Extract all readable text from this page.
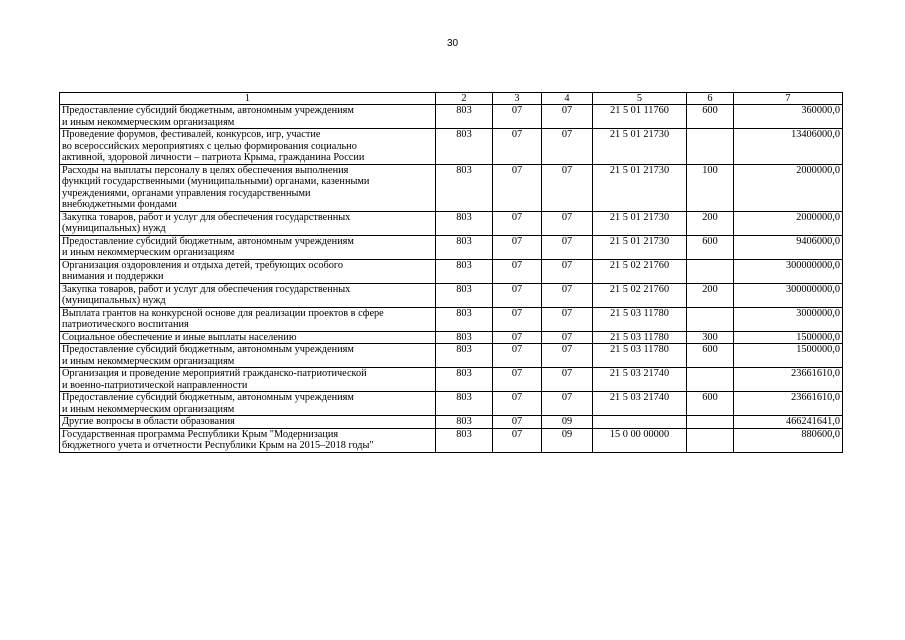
30
1	2	3	4	5	6	7
Предоставление субсидий бюджетным, автономным учреждениям
и иным некоммерческим организациям	803	07	07	21 5 01 11760	600	360000,0
Проведение форумов, фестивалей, конкурсов, игр, участие
во всероссийских мероприятиях с целью формирования социально
активной, здоровой личности – патриота Крыма, гражданина России	803	07	07	21 5 01 21730		13406000,0
Расходы на выплаты персоналу в целях обеспечения выполнения
функций государственными (муниципальными) органами, казенными
учреждениями, органами управления государственными
внебюджетными фондами	803	07	07	21 5 01 21730	100	2000000,0
Закупка товаров, работ и услуг для обеспечения государственных
(муниципальных) нужд	803	07	07	21 5 01 21730	200	2000000,0
Предоставление субсидий бюджетным, автономным учреждениям
и иным некоммерческим организациям	803	07	07	21 5 01 21730	600	9406000,0
Организация оздоровления и отдыха детей, требующих особого
внимания и поддержки	803	07	07	21 5 02 21760		300000000,0
Закупка товаров, работ и услуг для обеспечения государственных
(муниципальных) нужд	803	07	07	21 5 02 21760	200	300000000,0
Выплата грантов на конкурсной основе для реализации проектов в сфере
патриотического воспитания	803	07	07	21 5 03 11780		3000000,0
Социальное обеспечение и иные выплаты населению	803	07	07	21 5 03 11780	300	1500000,0
Предоставление субсидий бюджетным, автономным учреждениям
и иным некоммерческим организациям	803	07	07	21 5 03 11780	600	1500000,0
Организация и проведение мероприятий гражданско-патриотической
и военно-патриотической направленности	803	07	07	21 5 03 21740		23661610,0
Предоставление субсидий бюджетным, автономным учреждениям
и иным некоммерческим организациям	803	07	07	21 5 03 21740	600	23661610,0
Другие вопросы в области образования	803	07	09			466241641,0
Государственная программа Республики Крым "Модернизация
бюджетного учета и отчетности Республики Крым на 2015–2018 годы"	803	07	09	15 0 00 00000		880600,0
